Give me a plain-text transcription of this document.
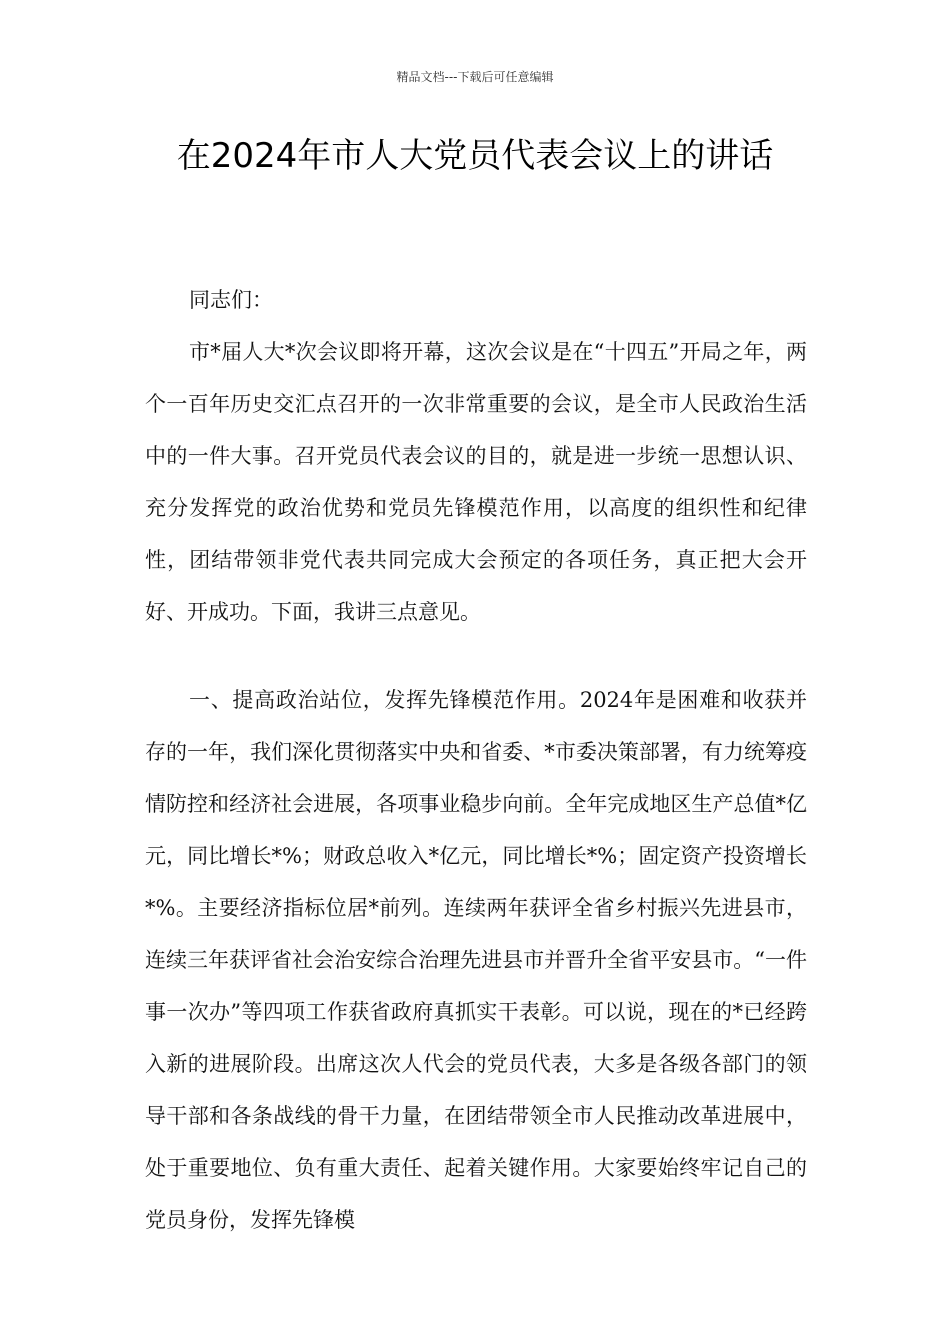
精品文档---下载后可任意编辑
在2024年市人大党员代表会议上的讲话

同志们：

市*届人大*次会议即将开幕，这次会议是在“十四五”开局之年，两个一百年历史交汇点召开的一次非常重要的会议，是全市人民政治生活中的一件大事。召开党员代表会议的目的，就是进一步统一思想认识、充分发挥党的政治优势和党员先锋模范作用，以高度的组织性和纪律性，团结带领非党代表共同完成大会预定的各项任务，真正把大会开好、开成功。下面，我讲三点意见。

一、提高政治站位，发挥先锋模范作用。2024年是困难和收获并存的一年，我们深化贯彻落实中央和省委、*市委决策部署，有力统筹疫情防控和经济社会进展，各项事业稳步向前。全年完成地区生产总值*亿元，同比增长*%；财政总收入*亿元，同比增长*%；固定资产投资增长*%。主要经济指标位居*前列。连续两年获评全省乡村振兴先进县市，连续三年获评省社会治安综合治理先进县市并晋升全省平安县市。“一件事一次办”等四项工作获省政府真抓实干表彰。可以说，现在的*已经跨入新的进展阶段。出席这次人代会的党员代表，大多是各级各部门的领导干部和各条战线的骨干力量，在团结带领全市人民推动改革进展中，处于重要地位、负有重大责任、起着关键作用。大家要始终牢记自己的党员身份，发挥先锋模
